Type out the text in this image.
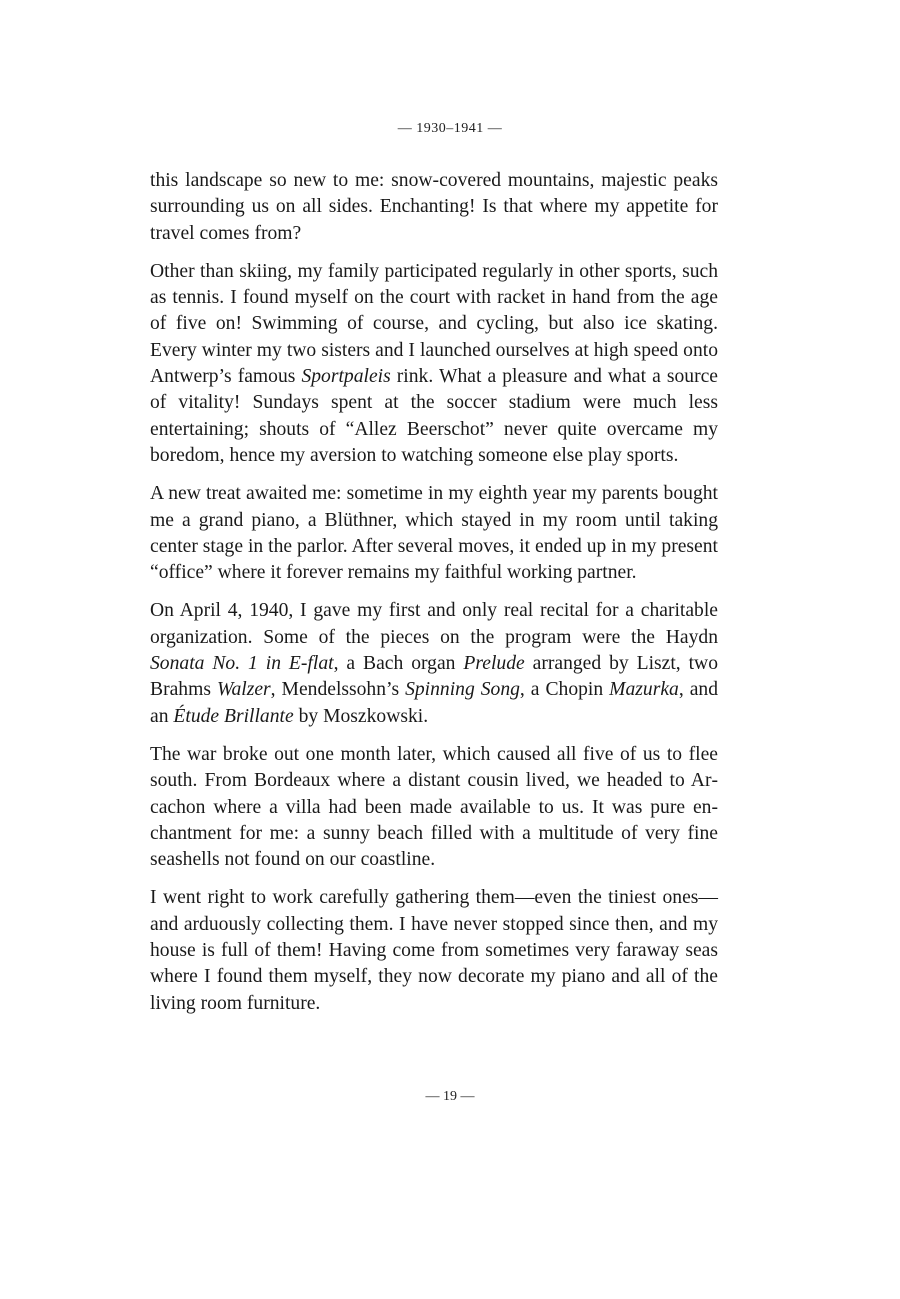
— 1930–1941 —

this landscape so new to me: snow-covered mountains, majestic peaks surrounding us on all sides. Enchanting! Is that where my appetite for travel comes from?

Other than skiing, my family participated regularly in other sports, such as tennis. I found myself on the court with racket in hand from the age of five on! Swimming of course, and cycling, but also ice skating. Every winter my two sisters and I launched ourselves at high speed onto Antwerp’s famous Sportpaleis rink. What a pleasure and what a source of vitality! Sundays spent at the soccer stadium were much less entertaining; shouts of “Allez Beerschot” never quite overcame my boredom, hence my aversion to watching someone else play sports.

A new treat awaited me: sometime in my eighth year my parents bought me a grand piano, a Blüthner, which stayed in my room until taking center stage in the parlor. After several moves, it ended up in my present “office” where it forever remains my faithful working partner.

On April 4, 1940, I gave my first and only real recital for a charitable organization. Some of the pieces on the program were the Haydn Sonata No. 1 in E-flat, a Bach organ Prelude arranged by Liszt, two Brahms Walzer, Mendelssohn’s Spinning Song, a Chopin Mazurka, and an Étude Brillante by Moszkowski.

The war broke out one month later, which caused all five of us to flee south. From Bordeaux where a distant cousin lived, we headed to Arcachon where a villa had been made available to us. It was pure enchantment for me: a sunny beach filled with a multitude of very fine seashells not found on our coastline.

I went right to work carefully gathering them—even the tiniest ones—and arduously collecting them. I have never stopped since then, and my house is full of them! Having come from sometimes very faraway seas where I found them myself, they now decorate my piano and all of the living room furniture.

— 19 —
